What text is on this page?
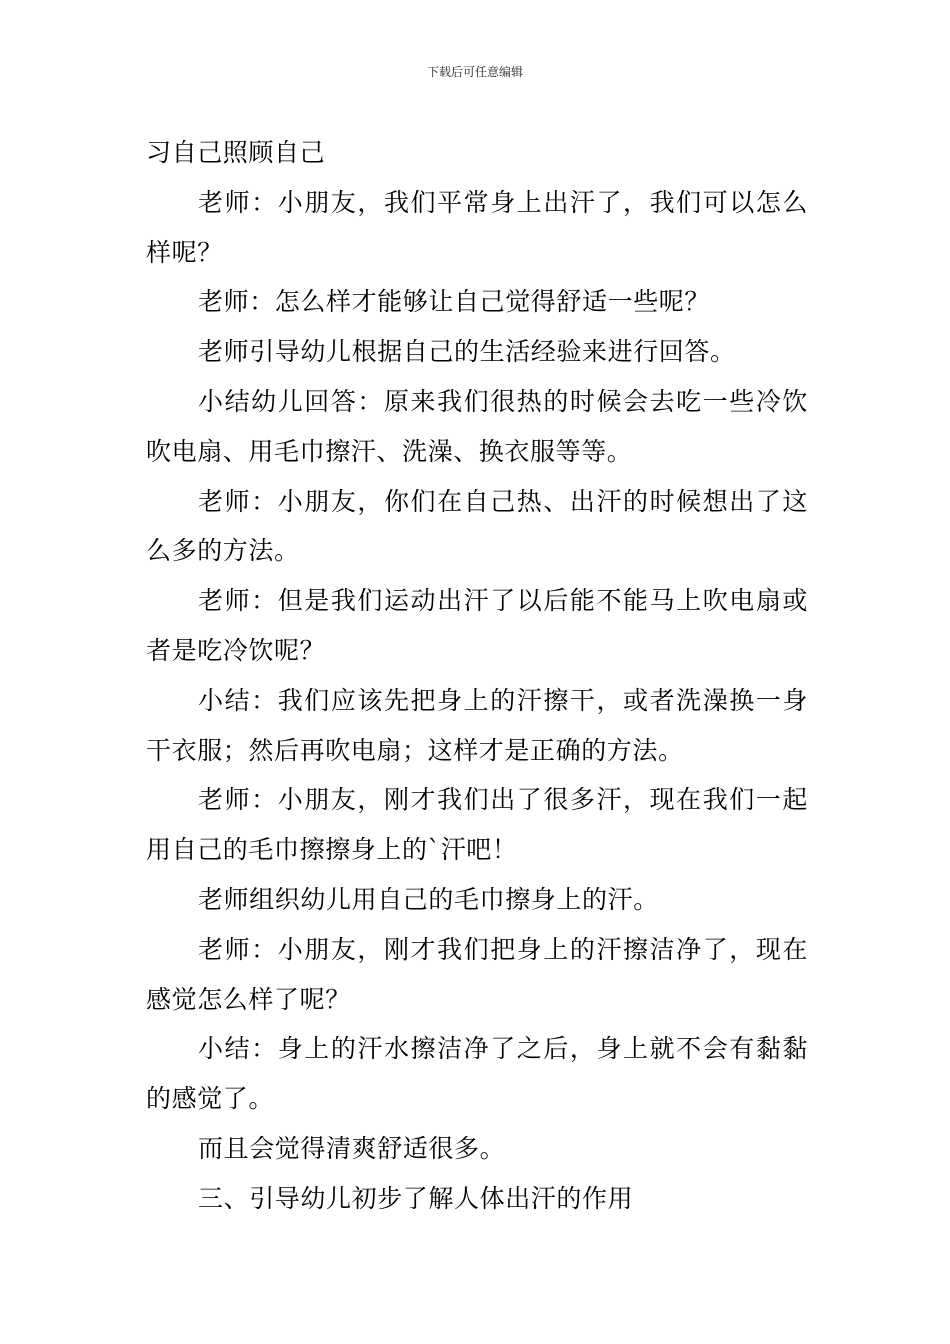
下载后可任意编辑

习自己照顾自己

老师：小朋友，我们平常身上出汗了，我们可以怎么样呢？

老师：怎么样才能够让自己觉得舒适一些呢？

老师引导幼儿根据自己的生活经验来进行回答。

小结幼儿回答：原来我们很热的时候会去吃一些冷饮吹电扇、用毛巾擦汗、洗澡、换衣服等等。

老师：小朋友，你们在自己热、出汗的时候想出了这么多的方法。

老师：但是我们运动出汗了以后能不能马上吹电扇或者是吃冷饮呢？

小结：我们应该先把身上的汗擦干，或者洗澡换一身干衣服；然后再吹电扇；这样才是正确的方法。

老师：小朋友，刚才我们出了很多汗，现在我们一起用自己的毛巾擦擦身上的`汗吧！

老师组织幼儿用自己的毛巾擦身上的汗。

老师：小朋友，刚才我们把身上的汗擦洁净了，现在感觉怎么样了呢？

小结：身上的汗水擦洁净了之后，身上就不会有黏黏的感觉了。

而且会觉得清爽舒适很多。

三、引导幼儿初步了解人体出汗的作用
